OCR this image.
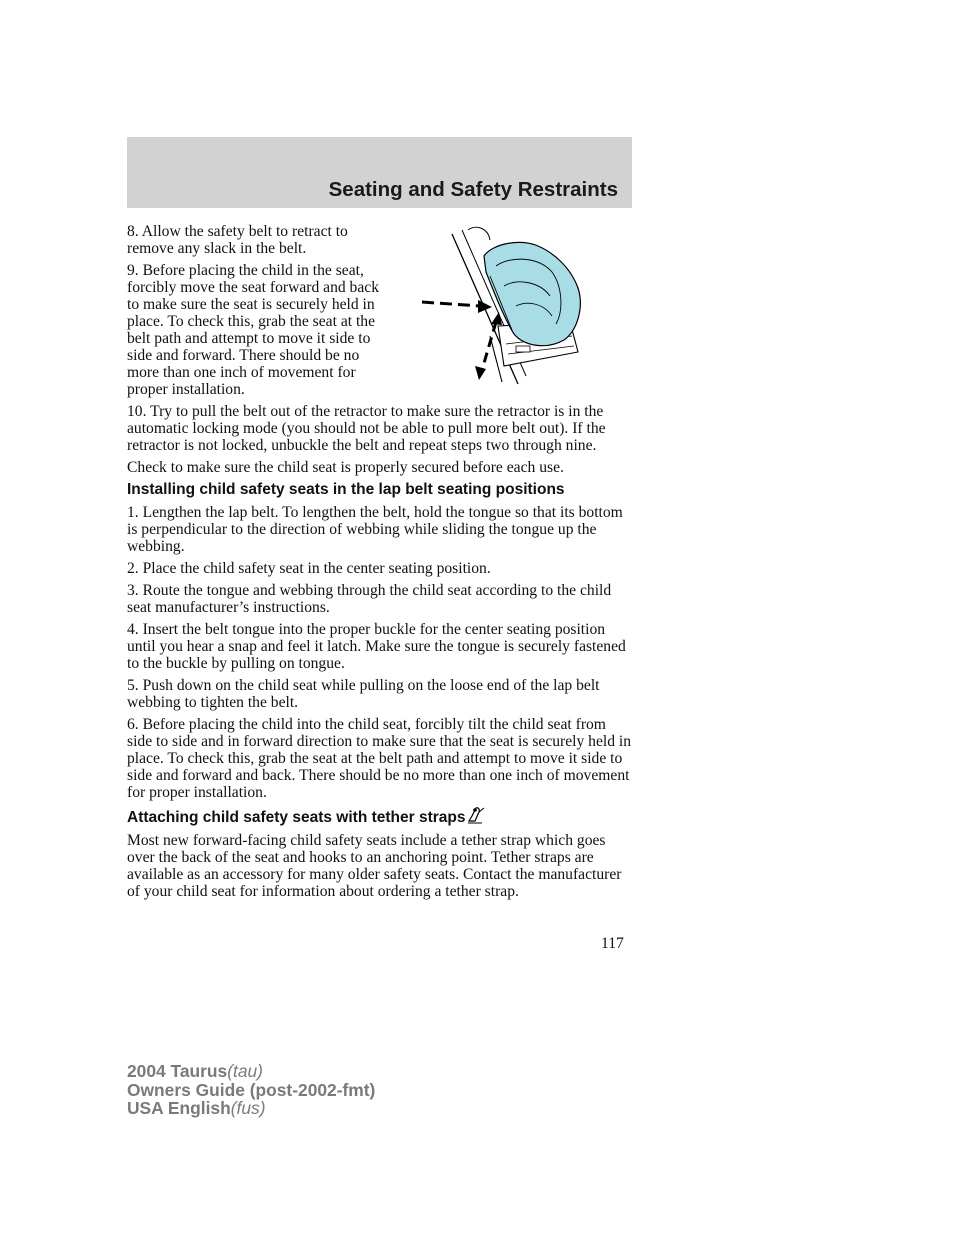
Seating and Safety Restraints

8. Allow the safety belt to retract to remove any slack in the belt.

9. Before placing the child in the seat, forcibly move the seat forward and back to make sure the seat is securely held in place. To check this, grab the seat at the belt path and attempt to move it side to side and forward. There should be no more than one inch of movement for proper installation.

10. Try to pull the belt out of the retractor to make sure the retractor is in the automatic locking mode (you should not be able to pull more belt out). If the retractor is not locked, unbuckle the belt and repeat steps two through nine.

Check to make sure the child seat is properly secured before each use.

Installing child safety seats in the lap belt seating positions

1. Lengthen the lap belt. To lengthen the belt, hold the tongue so that its bottom is perpendicular to the direction of webbing while sliding the tongue up the webbing.

2. Place the child safety seat in the center seating position.

3. Route the tongue and webbing through the child seat according to the child seat manufacturer’s instructions.

4. Insert the belt tongue into the proper buckle for the center seating position until you hear a snap and feel it latch. Make sure the tongue is securely fastened to the buckle by pulling on tongue.

5. Push down on the child seat while pulling on the loose end of the lap belt webbing to tighten the belt.

6. Before placing the child into the child seat, forcibly tilt the child seat from side to side and in forward direction to make sure that the seat is securely held in place. To check this, grab the seat at the belt path and attempt to move it side to side and forward and back. There should be no more than one inch of movement for proper installation.

Attaching child safety seats with tether straps

Most new forward-facing child safety seats include a tether strap which goes over the back of the seat and hooks to an anchoring point. Tether straps are available as an accessory for many older safety seats. Contact the manufacturer of your child seat for information about ordering a tether strap.

117
2004 Taurus(tau)
Owners Guide (post-2002-fmt)
USA English(fus)
